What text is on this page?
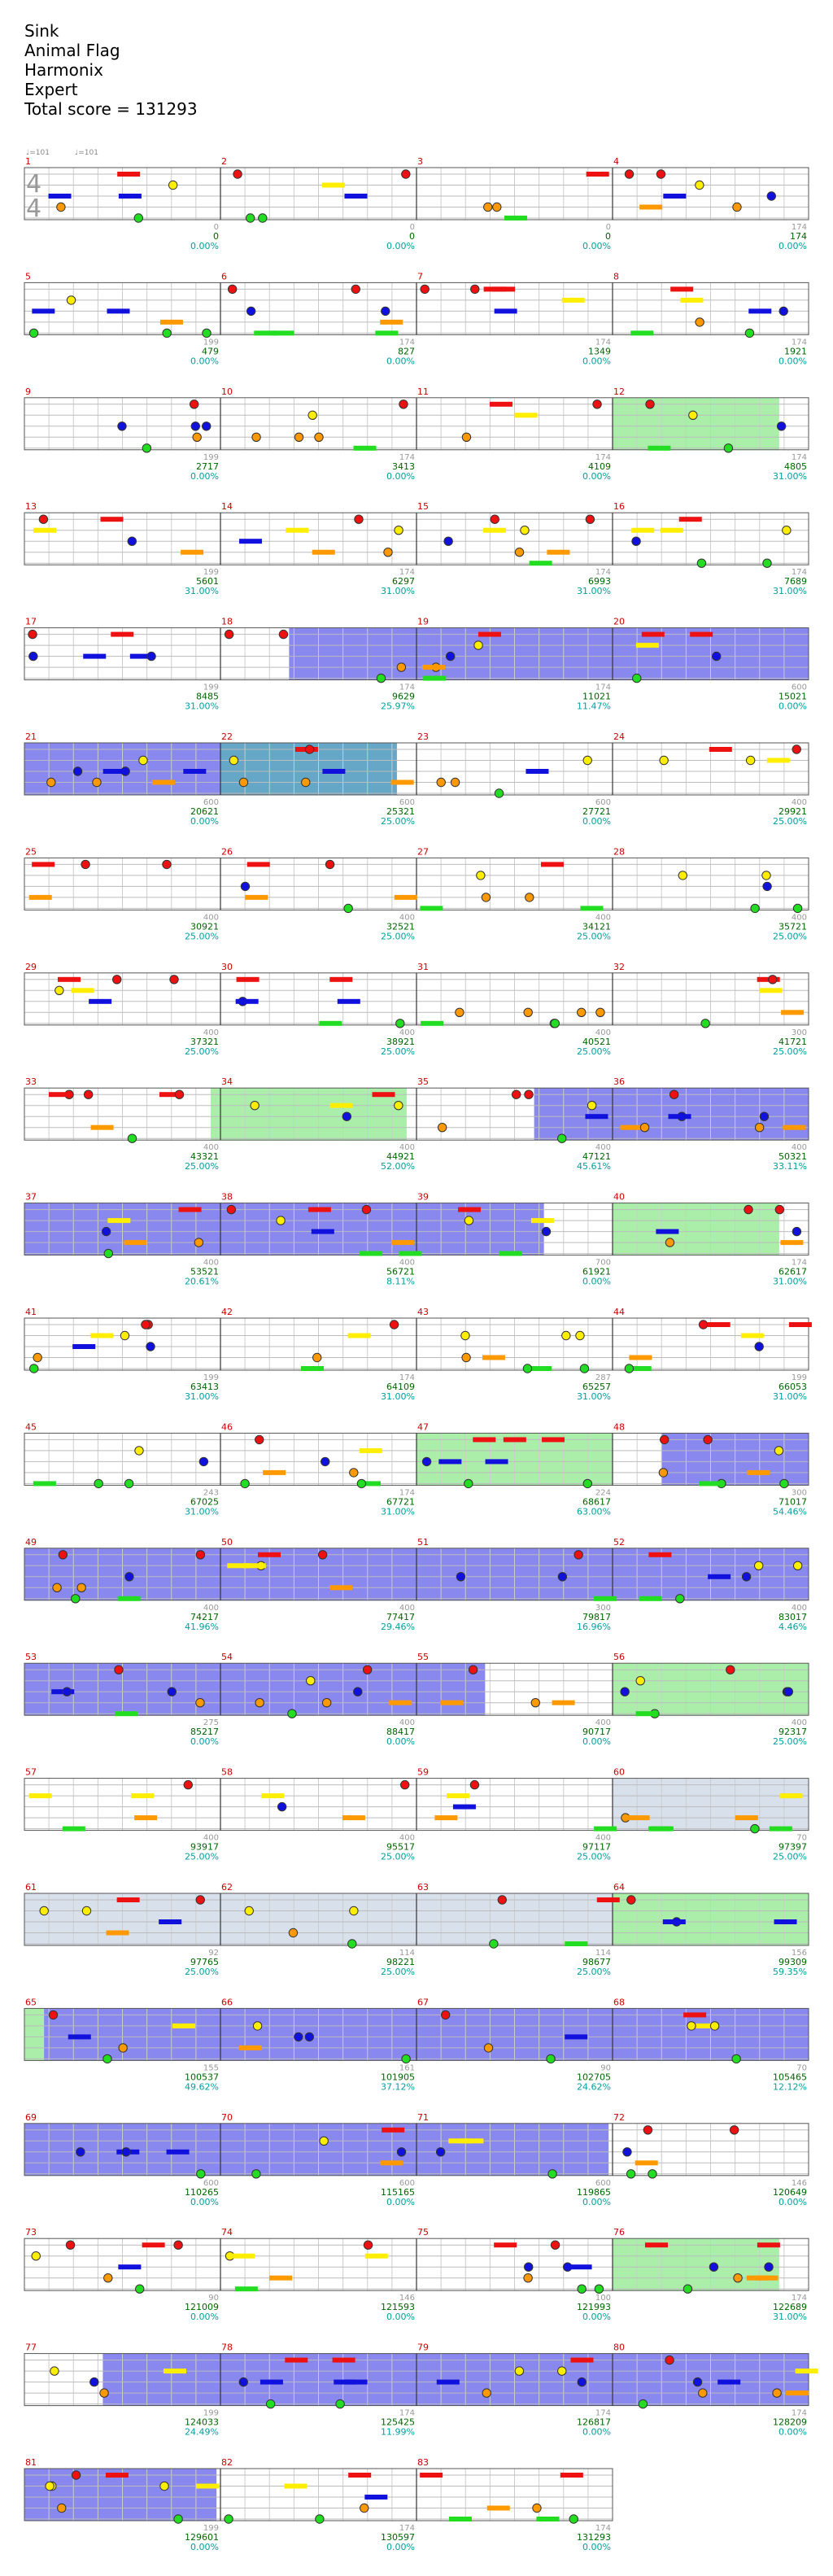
Sink
Animal Flag
Harmonix
Expert
Total score = 131293
1
0
0
0.00%
2
0
0
0.00%
3
0
0
0.00%
4
174
174
0.00%
4
4
♩=101	♩=101
5
199
479
0.00%
6
174
827
0.00%
7
174
1349
0.00%
8
174
1921
0.00%
9
199
2717
0.00%
10
174
3413
0.00%
11
174
4109
0.00%
12
174
4805
31.00%
13
199
5601
31.00%
14
174
6297
31.00%
15
174
6993
31.00%
16
174
7689
31.00%
17
199
8485
31.00%
18
174
9629
25.97%
19
174
11021
11.47%
20
600
15021
0.00%
21
600
20621
0.00%
22
600
25321
25.00%
23
600
27721
0.00%
24
400
29921
25.00%
25
400
30921
25.00%
26
400
32521
25.00%
27
400
34121
25.00%
28
400
35721
25.00%
29
400
37321
25.00%
30
400
38921
25.00%
31
400
40521
25.00%
32
300
41721
25.00%
33
400
43321
25.00%
34
400
44921
52.00%
35
400
47121
45.61%
36
400
50321
33.11%
37
400
53521
20.61%
38
400
56721
8.11%
39
700
61921
0.00%
40
174
62617
31.00%
41
199
63413
31.00%
42
174
64109
31.00%
43
287
65257
31.00%
44
199
66053
31.00%
45
243
67025
31.00%
46
174
67721
31.00%
47
224
68617
63.00%
48
300
71017
54.46%
49
400
74217
41.96%
50
400
77417
29.46%
51
300
79817
16.96%
52
400
83017
4.46%
53
275
85217
0.00%
54
400
88417
0.00%
55
400
90717
0.00%
56
400
92317
25.00%
57
400
93917
25.00%
58
400
95517
25.00%
59
400
97117
25.00%
60
70
97397
25.00%
61
92
97765
25.00%
62
114
98221
25.00%
63
114
98677
25.00%
64
156
99309
59.35%
65
155
100537
49.62%
66
161
101905
37.12%
67
90
102705
24.62%
68
70
105465
12.12%
69
600
110265
0.00%
70
600
115165
0.00%
71
600
119865
0.00%
72
146
120649
0.00%
73
90
121009
0.00%
74
146
121593
0.00%
75
100
121993
0.00%
76
174
122689
31.00%
77
199
124033
24.49%
78
174
125425
11.99%
79
174
126817
0.00%
80
174
128209
0.00%
81
199
129601
0.00%
82
174
130597
0.00%
83
174
131293
0.00%
